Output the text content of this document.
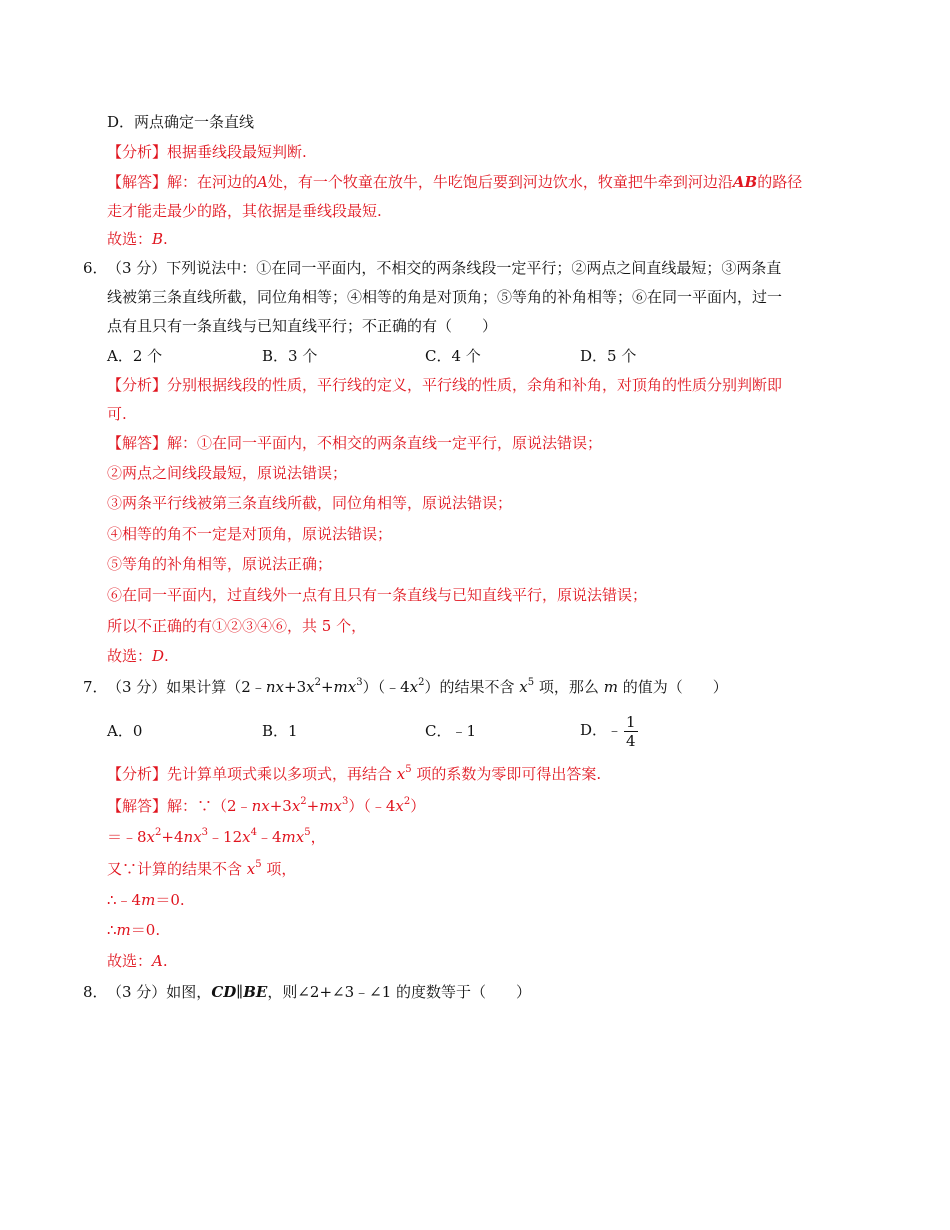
D．两点确定一条直线
【分析】根据垂线段最短判断.
【解答】解：在河边的A处，有一个牧童在放牛，牛吃饱后要到河边饮水，牧童把牛牵到河边沿AB的路径
走才能走最少的路，其依据是垂线段最短.
故选：B.
6． （3 分）下列说法中：①在同一平面内，不相交的两条线段一定平行；②两点之间直线最短；③两条直
线被第三条直线所截，同位角相等；④相等的角是对顶角；⑤等角的补角相等；⑥在同一平面内，过一
点有且只有一条直线与已知直线平行；不正确的有（　　）
A．2 个	B．3 个	C．4 个	D．5 个
【分析】分别根据线段的性质，平行线的定义，平行线的性质，余角和补角，对顶角的性质分别判断即
可.
【解答】解：①在同一平面内，不相交的两条直线一定平行，原说法错误；
②两点之间线段最短，原说法错误；
③两条平行线被第三条直线所截，同位角相等，原说法错误；
④相等的角不一定是对顶角，原说法错误；
⑤等角的补角相等，原说法正确；
⑥在同一平面内，过直线外一点有且只有一条直线与已知直线平行，原说法错误；
所以不正确的有①②③④⑥，共 5 个，
故选：D.
7． （3 分）如果计算$(2﹣nx+3x^2+mx^3)(﹣4x^2)$的结果不含 $x^5$ 项，那么 m 的值为（　　）
A．0	B．1	C．﹣1	D．﹣ $\frac{1}{4}$
【分析】先计算单项式乘以多项式，再结合 $x^5$ 项的系数为零即可得出答案.
【解答】解：$\because(2﹣nx+3x^2+mx^3)(﹣4x^2)$
$=﹣8x^2+4nx^3﹣12x^4﹣4mx^5$，
又∵计算的结果不含 $x^5$ 项，
∴﹣4m＝0.
∴m＝0.
故选：A.
8． （3 分）如图，CD∥BE，则∠2+∠3﹣∠1 的度数等于（　　）
